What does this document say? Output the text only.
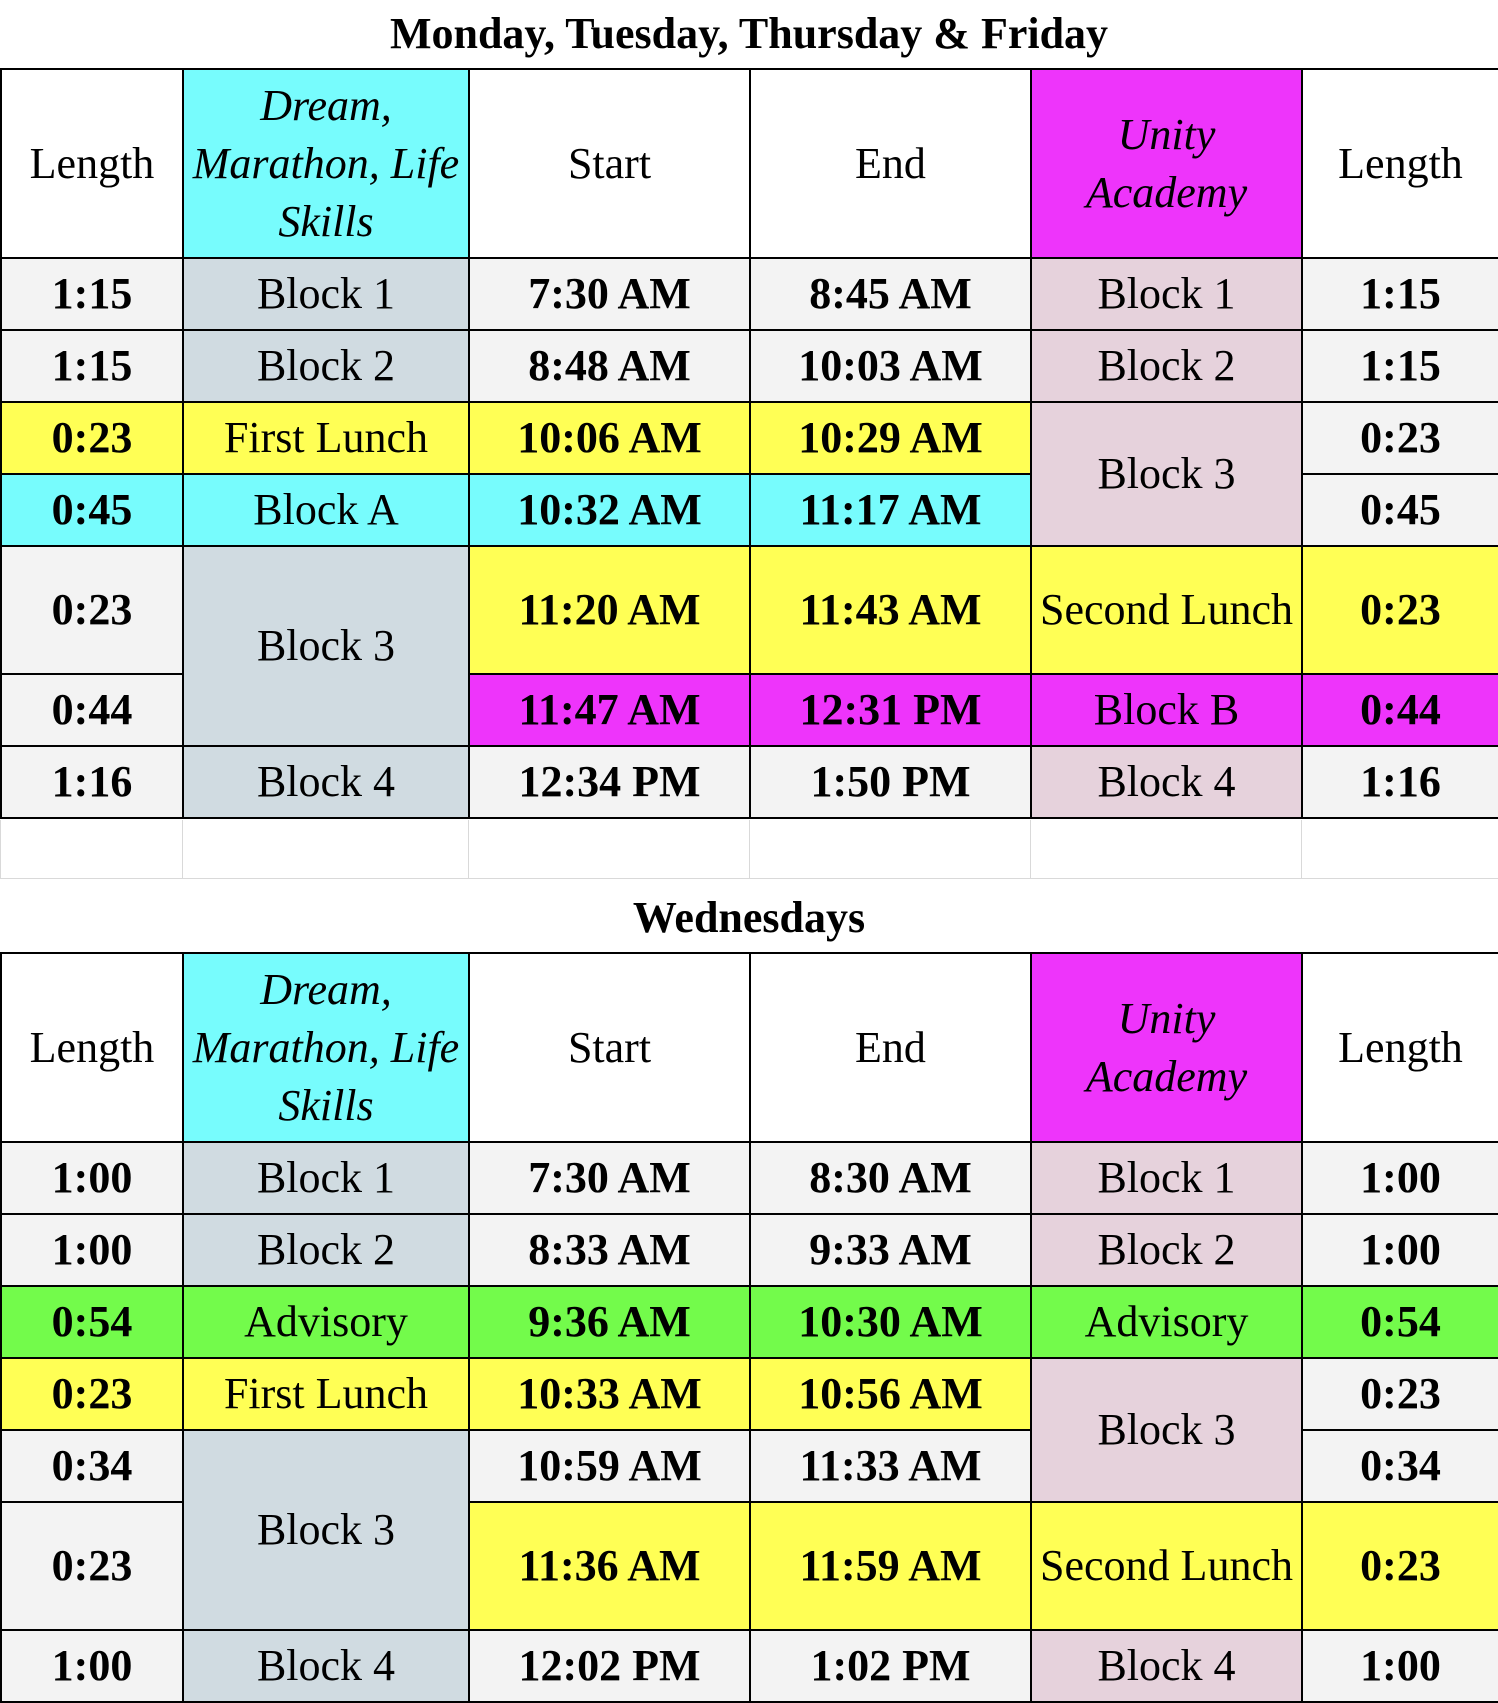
Monday, Tuesday, Thursday & Friday
Length	Dream, Marathon, Life Skills	Start	End	Unity Academy	Length
1:15	Block 1	7:30 AM	8:45 AM	Block 1	1:15
1:15	Block 2	8:48 AM	10:03 AM	Block 2	1:15
0:23	First Lunch	10:06 AM	10:29 AM	Block 3	0:23
0:45	Block A	10:32 AM	11:17 AM		0:45
0:23	Block 3	11:20 AM	11:43 AM	Second Lunch	0:23
0:44		11:47 AM	12:31 PM	Block B	0:44
1:16	Block 4	12:34 PM	1:50 PM	Block 4	1:16

Wednesdays
Length	Dream, Marathon, Life Skills	Start	End	Unity Academy	Length
1:00	Block 1	7:30 AM	8:30 AM	Block 1	1:00
1:00	Block 2	8:33 AM	9:33 AM	Block 2	1:00
0:54	Advisory	9:36 AM	10:30 AM	Advisory	0:54
0:23	First Lunch	10:33 AM	10:56 AM	Block 3	0:23
0:34	Block 3	10:59 AM	11:33 AM		0:34
0:23		11:36 AM	11:59 AM	Second Lunch	0:23
1:00	Block 4	12:02 PM	1:02 PM	Block 4	1:00
